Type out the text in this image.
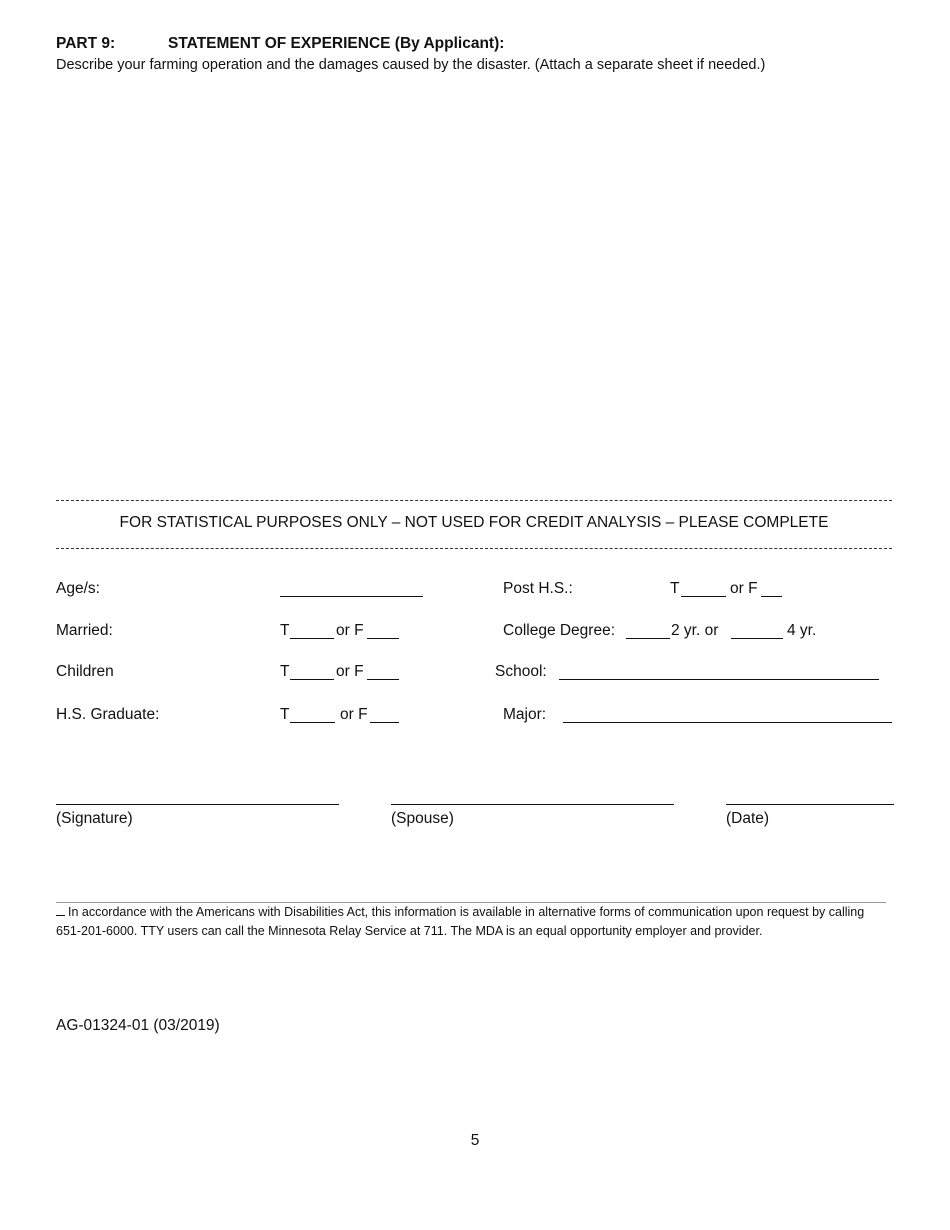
PART 9:	STATEMENT OF EXPERIENCE (By Applicant):
Describe your farming operation and the damages caused by the disaster. (Attach a separate sheet if needed.)
FOR STATISTICAL PURPOSES ONLY – NOT USED FOR CREDIT ANALYSIS – PLEASE COMPLETE
Age/s:	Post H.S.:	T	or F
Married:	T	or F	College Degree:	2 yr. or	4 yr.
Children	T	or F	School:
H.S. Graduate:	T	or F	Major:
(Signature)	(Spouse)	(Date)
In accordance with the Americans with Disabilities Act, this information is available in alternative forms of communication upon request by calling 651-201-6000. TTY users can call the Minnesota Relay Service at 711. The MDA is an equal opportunity employer and provider.
AG-01324-01 (03/2019)
5
